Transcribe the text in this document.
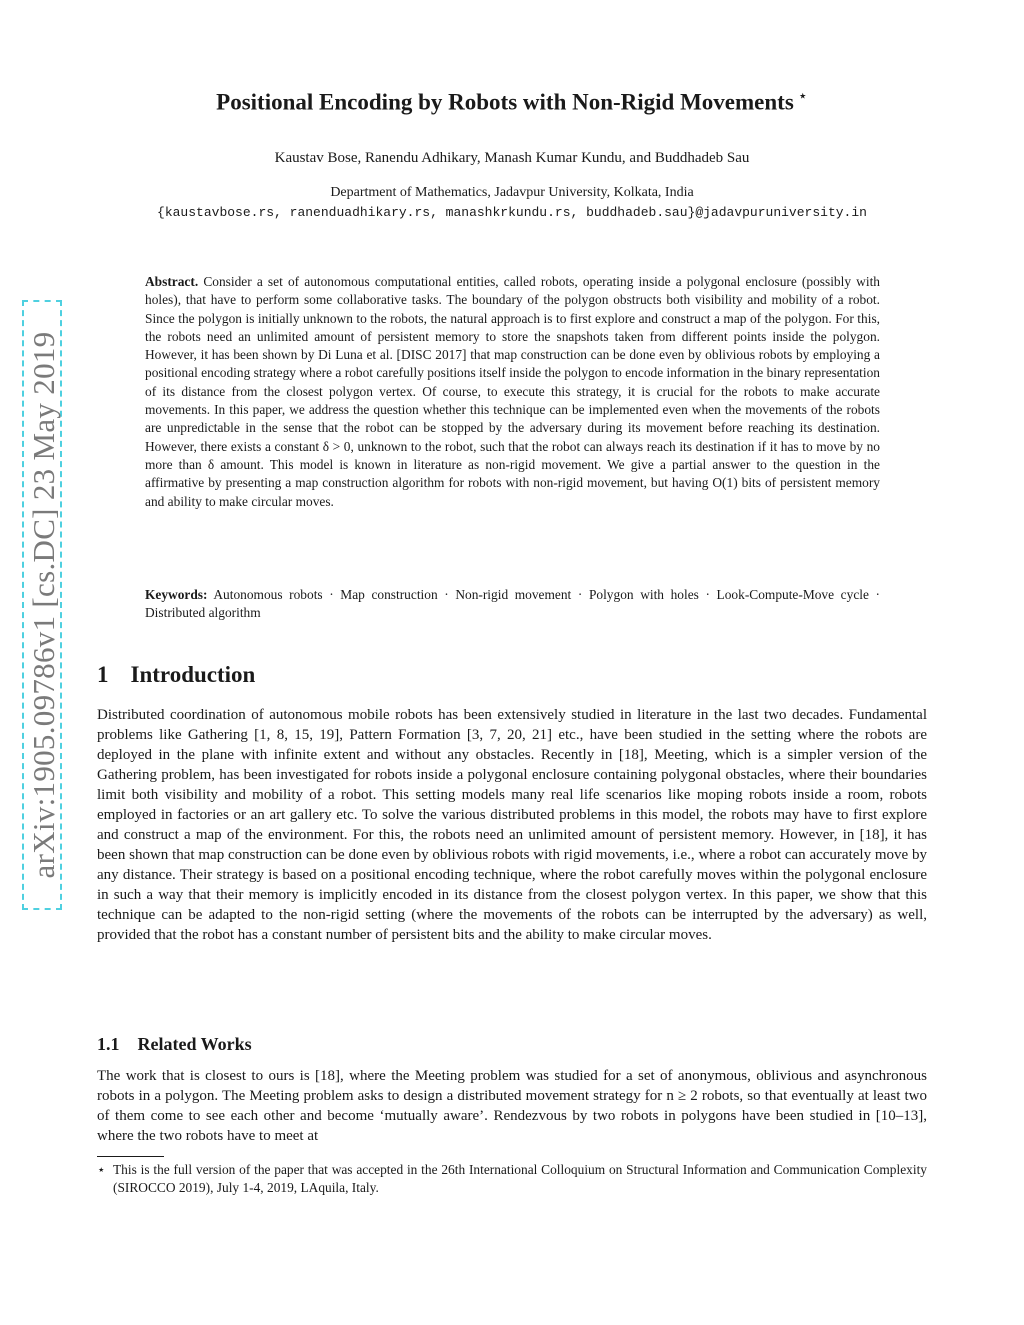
arXiv:1905.09786v1 [cs.DC] 23 May 2019
Positional Encoding by Robots with Non-Rigid Movements ⋆
Kaustav Bose, Ranendu Adhikary, Manash Kumar Kundu, and Buddhadeb Sau
Department of Mathematics, Jadavpur University, Kolkata, India
{kaustavbose.rs, ranenduadhikary.rs, manashkrkundu.rs, buddhadeb.sau}@jadavpuruniversity.in

Abstract. Consider a set of autonomous computational entities, called robots, operating inside a polygonal enclosure (possibly with holes), that have to perform some collaborative tasks. The boundary of the polygon obstructs both visibility and mobility of a robot. Since the polygon is initially unknown to the robots, the natural approach is to first explore and construct a map of the polygon. For this, the robots need an unlimited amount of persistent memory to store the snapshots taken from different points inside the polygon. However, it has been shown by Di Luna et al. [DISC 2017] that map construction can be done even by oblivious robots by employing a positional encoding strategy where a robot carefully positions itself inside the polygon to encode information in the binary representation of its distance from the closest polygon vertex. Of course, to execute this strategy, it is crucial for the robots to make accurate movements. In this paper, we address the question whether this technique can be implemented even when the movements of the robots are unpredictable in the sense that the robot can be stopped by the adversary during its movement before reaching its destination. However, there exists a constant δ > 0, unknown to the robot, such that the robot can always reach its destination if it has to move by no more than δ amount. This model is known in literature as non-rigid movement. We give a partial answer to the question in the affirmative by presenting a map construction algorithm for robots with non-rigid movement, but having O(1) bits of persistent memory and ability to make circular moves.

Keywords: Autonomous robots · Map construction · Non-rigid movement · Polygon with holes · Look-Compute-Move cycle · Distributed algorithm

1 Introduction

Distributed coordination of autonomous mobile robots has been extensively studied in literature in the last two decades. Fundamental problems like Gathering [1, 8, 15, 19], Pattern Formation [3, 7, 20, 21] etc., have been studied in the setting where the robots are deployed in the plane with infinite extent and without any obstacles. Recently in [18], Meeting, which is a simpler version of the Gathering problem, has been investigated for robots inside a polygonal enclosure containing polygonal obstacles, where their boundaries limit both visibility and mobility of a robot. This setting models many real life scenarios like moping robots inside a room, robots employed in factories or an art gallery etc. To solve the various distributed problems in this model, the robots may have to first explore and construct a map of the environment. For this, the robots need an unlimited amount of persistent memory. However, in [18], it has been shown that map construction can be done even by oblivious robots with rigid movements, i.e., where a robot can accurately move by any distance. Their strategy is based on a positional encoding technique, where the robot carefully moves within the polygonal enclosure in such a way that their memory is implicitly encoded in its distance from the closest polygon vertex. In this paper, we show that this technique can be adapted to the non-rigid setting (where the movements of the robots can be interrupted by the adversary) as well, provided that the robot has a constant number of persistent bits and the ability to make circular moves.

1.1 Related Works

The work that is closest to ours is [18], where the Meeting problem was studied for a set of anonymous, oblivious and asynchronous robots in a polygon. The Meeting problem asks to design a distributed movement strategy for n ≥ 2 robots, so that eventually at least two of them come to see each other and become ‘mutually aware’. Rendezvous by two robots in polygons have been studied in [10–13], where the two robots have to meet at

⋆ This is the full version of the paper that was accepted in the 26th International Colloquium on Structural Information and Communication Complexity (SIROCCO 2019), July 1-4, 2019, LAquila, Italy.
